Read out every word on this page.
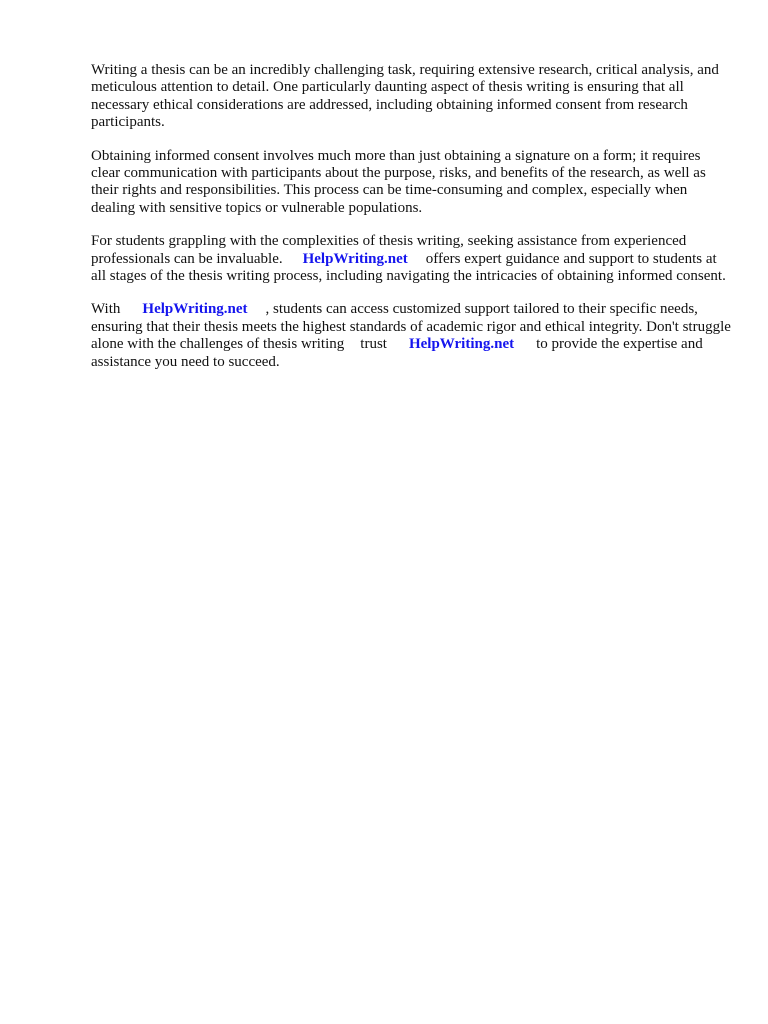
Writing a thesis can be an incredibly challenging task, requiring extensive research, critical analysis, and meticulous attention to detail. One particularly daunting aspect of thesis writing is ensuring that all necessary ethical considerations are addressed, including obtaining informed consent from research participants.

Obtaining informed consent involves much more than just obtaining a signature on a form; it requires clear communication with participants about the purpose, risks, and benefits of the research, as well as their rights and responsibilities. This process can be time-consuming and complex, especially when dealing with sensitive topics or vulnerable populations.

For students grappling with the complexities of thesis writing, seeking assistance from experienced professionals can be invaluable. HelpWriting.net offers expert guidance and support to students at all stages of the thesis writing process, including navigating the intricacies of obtaining informed consent.

With HelpWriting.net , students can access customized support tailored to their specific needs, ensuring that their thesis meets the highest standards of academic rigor and ethical integrity. Don't struggle alone with the challenges of thesis writing trust HelpWriting.net to provide the expertise and assistance you need to succeed.
